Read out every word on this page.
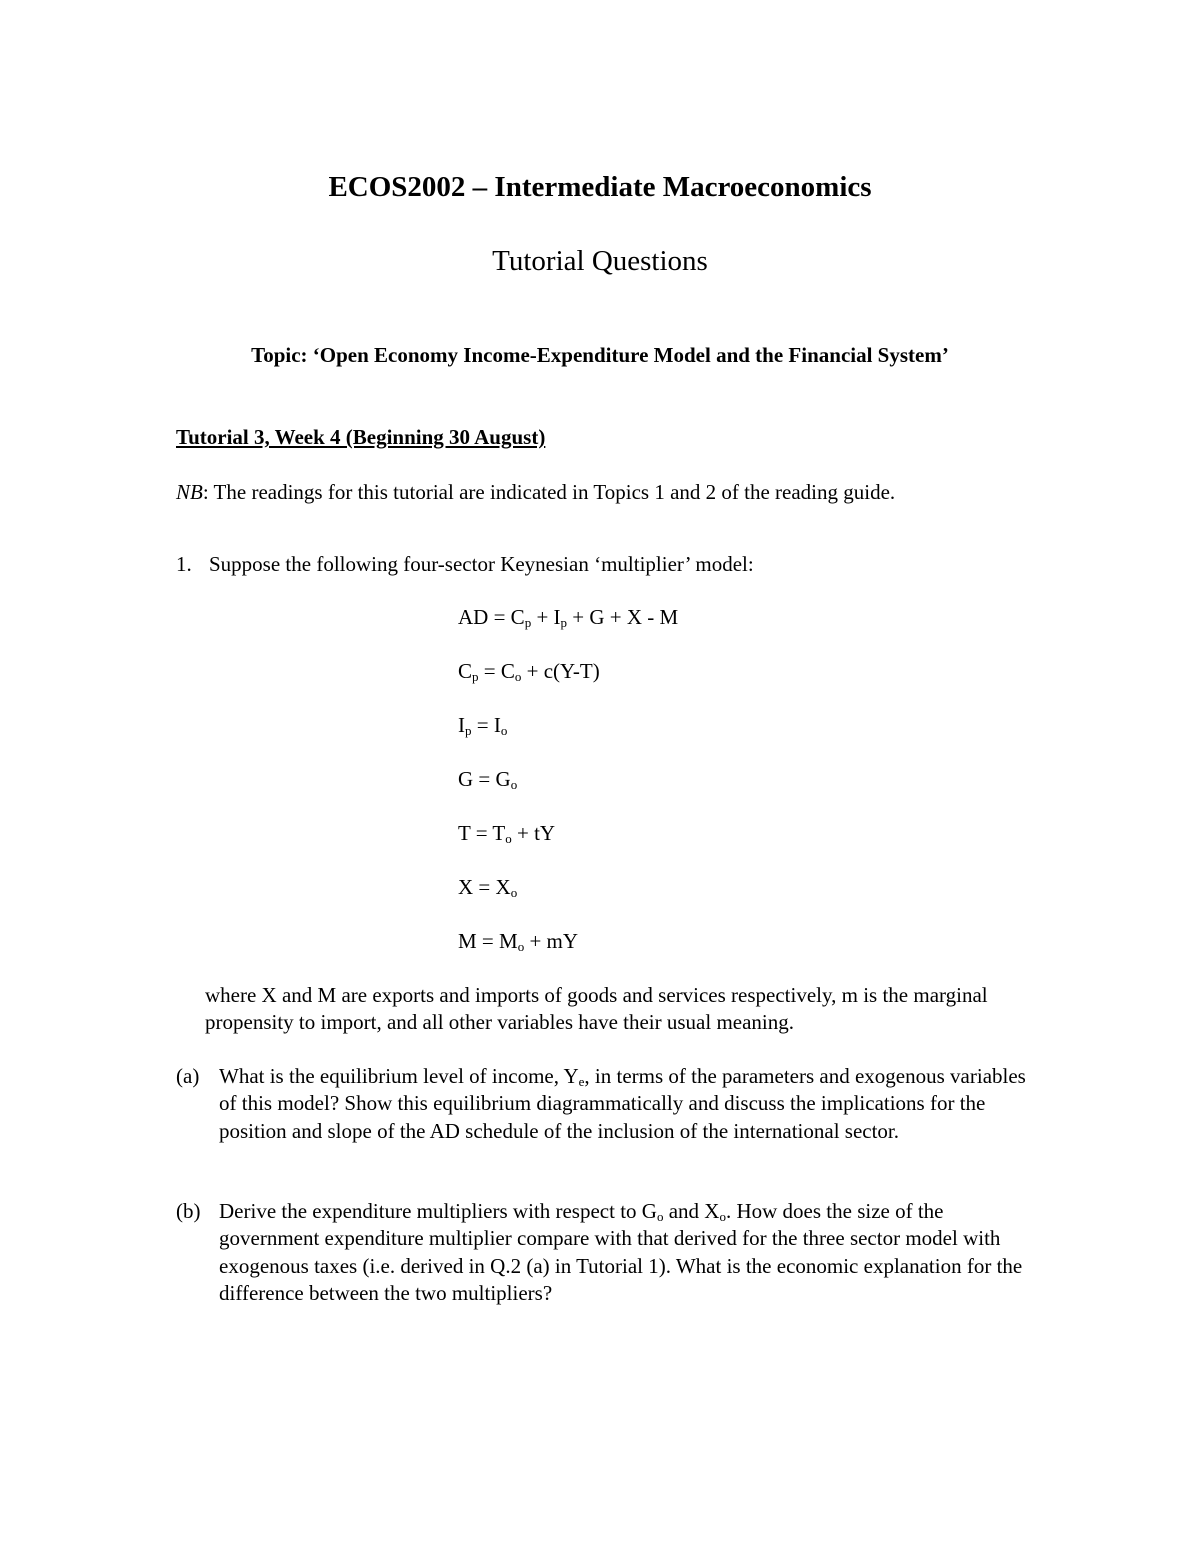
ECOS2002 – Intermediate Macroeconomics
Tutorial Questions
Topic: ‘Open Economy Income-Expenditure Model and the Financial System’
Tutorial 3, Week 4 (Beginning 30 August)
NB: The readings for this tutorial are indicated in Topics 1 and 2 of the reading guide.
1. Suppose the following four-sector Keynesian ‘multiplier’ model:
AD = $C_p + I_p + G + X - M$
$C_p = C_o + c(Y-T)$
$I_p = I_o$
$G = G_o$
$T = T_o$ + tY
$X = X_o$
$M = M_o$ + mY
where X and M are exports and imports of goods and services respectively, m is the marginal propensity to import, and all other variables have their usual meaning.
(a) What is the equilibrium level of income, $Y_e$, in terms of the parameters and exogenous variables of this model? Show this equilibrium diagrammatically and discuss the implications for the position and slope of the AD schedule of the inclusion of the international sector.
(b) Derive the expenditure multipliers with respect to $G_o$ and $X_o$. How does the size of the government expenditure multiplier compare with that derived for the three sector model with exogenous taxes (i.e. derived in Q.2 (a) in Tutorial 1). What is the economic explanation for the difference between the two multipliers?
